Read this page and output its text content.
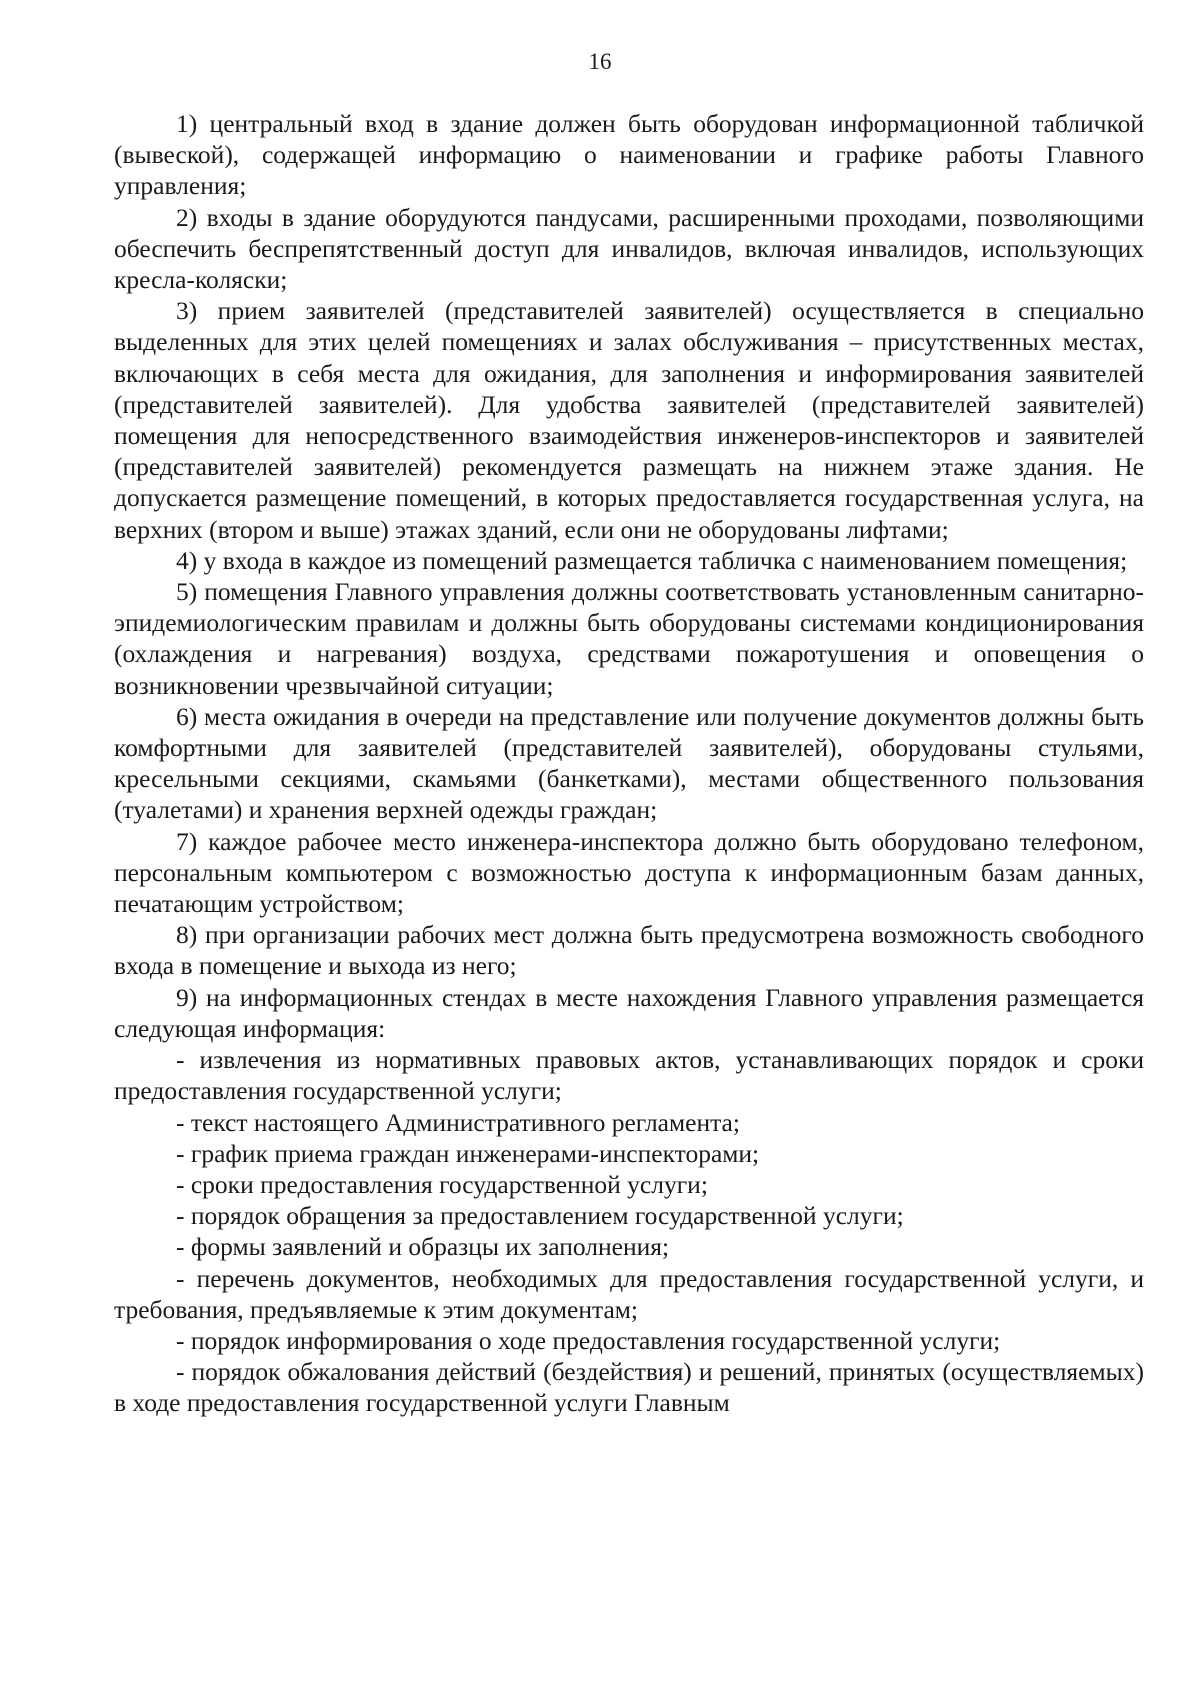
16

1) центральный вход в здание должен быть оборудован информационной табличкой (вывеской), содержащей информацию о наименовании и графике работы Главного управления;

2) входы в здание оборудуются пандусами, расширенными проходами, позволяющими обеспечить беспрепятственный доступ для инвалидов, включая инвалидов, использующих кресла-коляски;

3) прием заявителей (представителей заявителей) осуществляется в специально выделенных для этих целей помещениях и залах обслуживания – присутственных местах, включающих в себя места для ожидания, для заполнения и информирования заявителей (представителей заявителей). Для удобства заявителей (представителей заявителей) помещения для непосредственного взаимодействия инженеров-инспекторов и заявителей (представителей заявителей) рекомендуется размещать на нижнем этаже здания. Не допускается размещение помещений, в которых предоставляется государственная услуга, на верхних (втором и выше) этажах зданий, если они не оборудованы лифтами;

4) у входа в каждое из помещений размещается табличка с наименованием помещения;

5) помещения Главного управления должны соответствовать установленным санитарно-эпидемиологическим правилам и должны быть оборудованы системами кондиционирования (охлаждения и нагревания) воздуха, средствами пожаротушения и оповещения о возникновении чрезвычайной ситуации;

6) места ожидания в очереди на представление или получение документов должны быть комфортными для заявителей (представителей заявителей), оборудованы стульями, кресельными секциями, скамьями (банкетками), местами общественного пользования (туалетами) и хранения верхней одежды граждан;

7) каждое рабочее место инженера-инспектора должно быть оборудовано телефоном, персональным компьютером с возможностью доступа к информационным базам данных, печатающим устройством;

8) при организации рабочих мест должна быть предусмотрена возможность свободного входа в помещение и выхода из него;

9) на информационных стендах в месте нахождения Главного управления размещается следующая информация:

- извлечения из нормативных правовых актов, устанавливающих порядок и сроки предоставления государственной услуги;

- текст настоящего Административного регламента;

- график приема граждан инженерами-инспекторами;

- сроки предоставления государственной услуги;

- порядок обращения за предоставлением государственной услуги;

- формы заявлений и образцы их заполнения;

- перечень документов, необходимых для предоставления государственной услуги, и требования, предъявляемые к этим документам;

- порядок информирования о ходе предоставления государственной услуги;

- порядок обжалования действий (бездействия) и решений, принятых (осуществляемых) в ходе предоставления государственной услуги Главным
